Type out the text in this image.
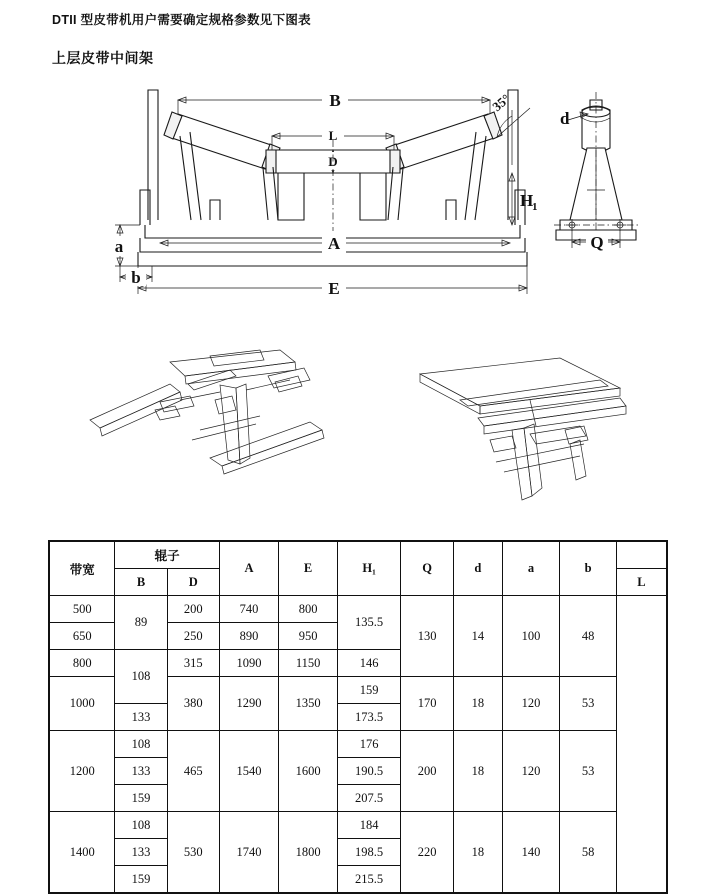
DTII 型皮带机用户需要确定规格参数见下图表
上层皮带中间架
B
L
D
H
1
35°
A
E
a
b
d
Q
带宽	辊子		A	E	H₁	Q	d	a	b	
	B	D								L
500	89	200	740	800	135.5	130	14	100	48	
650		250	890	950						
800	108	315	1090	1150	146					
1000		380	1290	1350	159	170	18	120	53	
	133				173.5					
1200	108	465	1540	1600	176	200	18	120	53	
	133				190.5					
	159				207.5					
1400	108	530	1740	1800	184	220	18	140	58	
	133				198.5					
	159				215.5					
